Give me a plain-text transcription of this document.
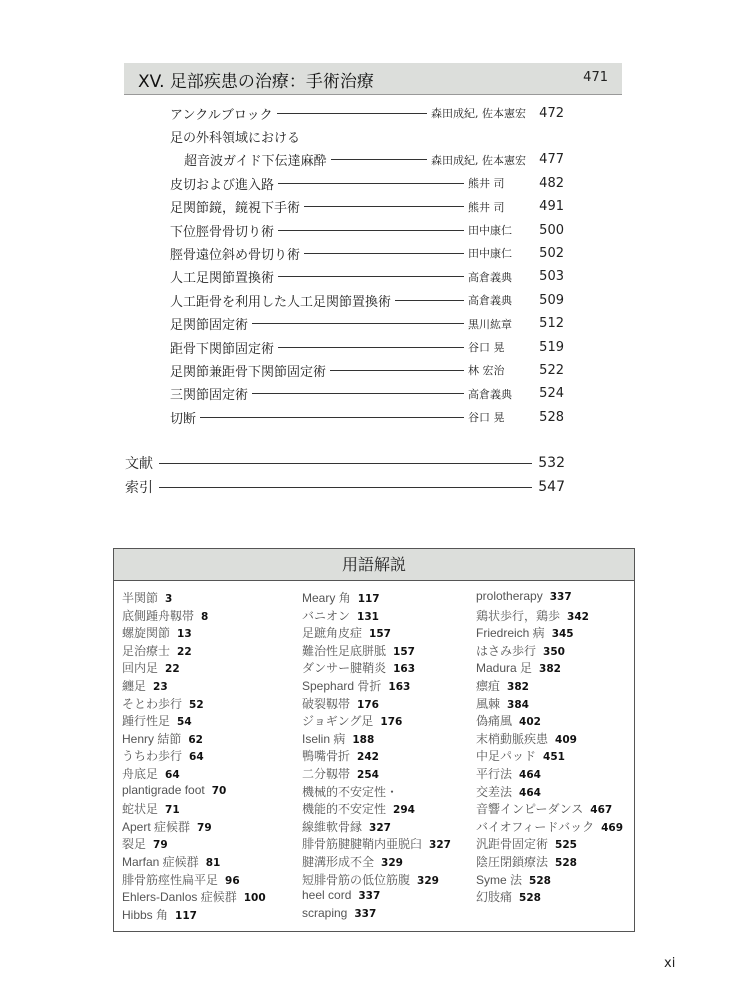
XV. 足部疾患の治療：手術治療	471
アンクルブロック	森田成紀, 佐本憲宏	472
足の外科領域における
超音波ガイド下伝達麻酔	森田成紀, 佐本憲宏	477
皮切および進入路	熊井 司	482
足関節鏡，鏡視下手術	熊井 司	491
下位脛骨骨切り術	田中康仁	500
脛骨遠位斜め骨切り術	田中康仁	502
人工足関節置換術	高倉義典	503
人工距骨を利用した人工足関節置換術	高倉義典	509
足関節固定術	黒川紘章	512
距骨下関節固定術	谷口 晃	519
足関節兼距骨下関節固定術	林 宏治	522
三関節固定術	高倉義典	524
切断	谷口 晃	528
文献	532
索引	547
用語解説
半関節 3
底側踵舟靱帯 8
螺旋関節 13
足治療士 22
回内足 22
纏足 23
そとわ歩行 52
踵行性足 54
Henry 結節 62
うちわ歩行 64
舟底足 64
plantigrade foot 70
蛇状足 71
Apert 症候群 79
裂足 79
Marfan 症候群 81
腓骨筋痙性扁平足 96
Ehlers-Danlos 症候群 100
Hibbs 角 117
Meary 角 117
バニオン 131
足蹠角皮症 157
難治性足底胼胝 157
ダンサー腱鞘炎 163
Spephard 骨折 163
破裂靱帯 176
ジョギング足 176
Iselin 病 188
鴨嘴骨折 242
二分靱帯 254
機械的不安定性・
機能的不安定性 294
線維軟骨縁 327
腓骨筋腱腱鞘内亜脱臼 327
腱溝形成不全 329
短腓骨筋の低位筋腹 329
heel cord 337
scraping 337
prolotherapy 337
鶏状歩行，鶏歩 342
Friedreich 病 345
はさみ歩行 350
Madura 足 382
瘭疽 382
風棘 384
偽痛風 402
末梢動脈疾患 409
中足パッド 451
平行法 464
交差法 464
音響インピーダンス 467
バイオフィードバック 469
汎距骨固定術 525
陰圧閉鎖療法 528
Syme 法 528
幻肢痛 528
xi
